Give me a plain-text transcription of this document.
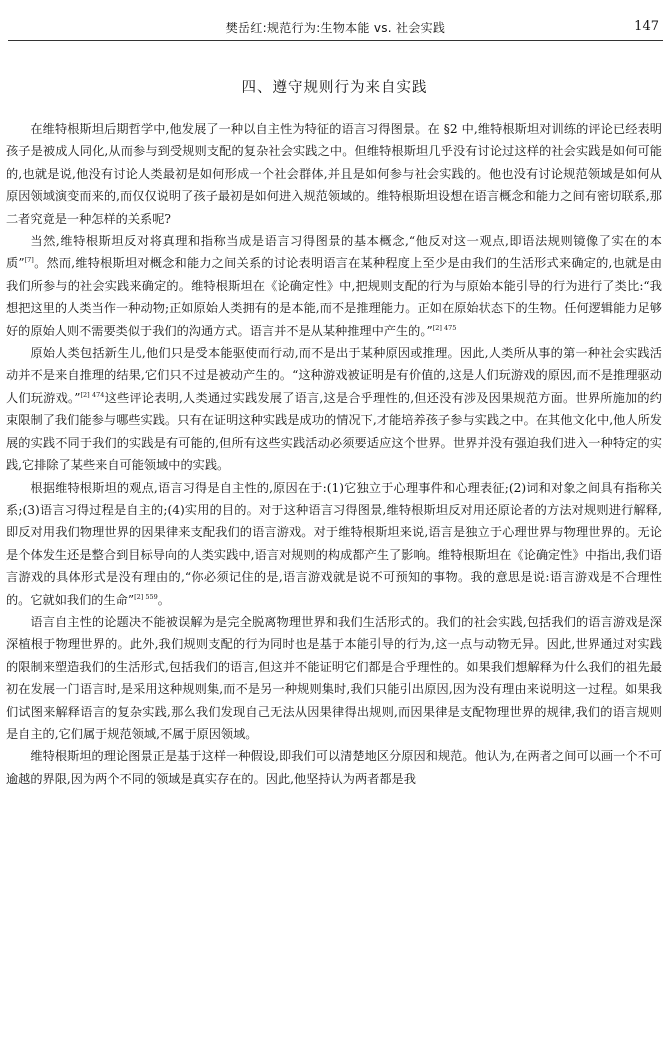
樊岳红:规范行为:生物本能 vs. 社会实践	147
四、遵守规则行为来自实践

在维特根斯坦后期哲学中,他发展了一种以自主性为特征的语言习得图景。在 §2 中,维特根斯坦对训练的评论已经表明孩子是被成人同化,从而参与到受规则支配的复杂社会实践之中。但维特根斯坦几乎没有讨论过这样的社会实践是如何可能的,也就是说,他没有讨论人类最初是如何形成一个社会群体,并且是如何参与社会实践的。他也没有讨论规范领域是如何从原因领域演变而来的,而仅仅说明了孩子最初是如何进入规范领域的。维特根斯坦设想在语言概念和能力之间有密切联系,那二者究竟是一种怎样的关系呢?

当然,维特根斯坦反对将真理和指称当成是语言习得图景的基本概念,“他反对这一观点,即语法规则镜像了实在的本质”[7]。然而,维特根斯坦对概念和能力之间关系的讨论表明语言在某种程度上至少是由我们的生活形式来确定的,也就是由我们所参与的社会实践来确定的。维特根斯坦在《论确定性》中,把规则支配的行为与原始本能引导的行为进行了类比:“我想把这里的人类当作一种动物;正如原始人类拥有的是本能,而不是推理能力。正如在原始状态下的生物。任何逻辑能力足够好的原始人则不需要类似于我们的沟通方式。语言并不是从某种推理中产生的。”$^{[2] 475}$

原始人类包括新生儿,他们只是受本能驱使而行动,而不是出于某种原因或推理。因此,人类所从事的第一种社会实践活动并不是来自推理的结果,它们只不过是被动产生的。“这种游戏被证明是有价值的,这是人们玩游戏的原因,而不是推理驱动人们玩游戏。”$^{[2] 474}$这些评论表明,人类通过实践发展了语言,这是合乎理性的,但还没有涉及因果规范方面。世界所施加的约束限制了我们能参与哪些实践。只有在证明这种实践是成功的情况下,才能培养孩子参与实践之中。在其他文化中,他人所发展的实践不同于我们的实践是有可能的,但所有这些实践活动必须要适应这个世界。世界并没有强迫我们进入一种特定的实践,它排除了某些来自可能领域中的实践。

根据维特根斯坦的观点,语言习得是自主性的,原因在于:(1)它独立于心理事件和心理表征;(2)词和对象之间具有指称关系;(3)语言习得过程是自主的;(4)实用的目的。对于这种语言习得图景,维特根斯坦反对用还原论者的方法对规则进行解释,即反对用我们物理世界的因果律来支配我们的语言游戏。对于维特根斯坦来说,语言是独立于心理世界与物理世界的。无论是个体发生还是整合到目标导向的人类实践中,语言对规则的构成都产生了影响。维特根斯坦在《论确定性》中指出,我们语言游戏的具体形式是没有理由的,“你必须记住的是,语言游戏就是说不可预知的事物。我的意思是说:语言游戏是不合理性的。它就如我们的生命”$^{[2] 559}$。

语言自主性的论题决不能被误解为是完全脱离物理世界和我们生活形式的。我们的社会实践,包括我们的语言游戏是深深植根于物理世界的。此外,我们规则支配的行为同时也是基于本能引导的行为,这一点与动物无异。因此,世界通过对实践的限制来塑造我们的生活形式,包括我们的语言,但这并不能证明它们都是合乎理性的。如果我们想解释为什么我们的祖先最初在发展一门语言时,是采用这种规则集,而不是另一种规则集时,我们只能引出原因,因为没有理由来说明这一过程。如果我们试图来解释语言的复杂实践,那么我们发现自己无法从因果律得出规则,而因果律是支配物理世界的规律,我们的语言规则是自主的,它们属于规范领域,不属于原因领域。

维特根斯坦的理论图景正是基于这样一种假设,即我们可以清楚地区分原因和规范。他认为,在两者之间可以画一个不可逾越的界限,因为两个不同的领域是真实存在的。因此,他坚持认为两者都是我
